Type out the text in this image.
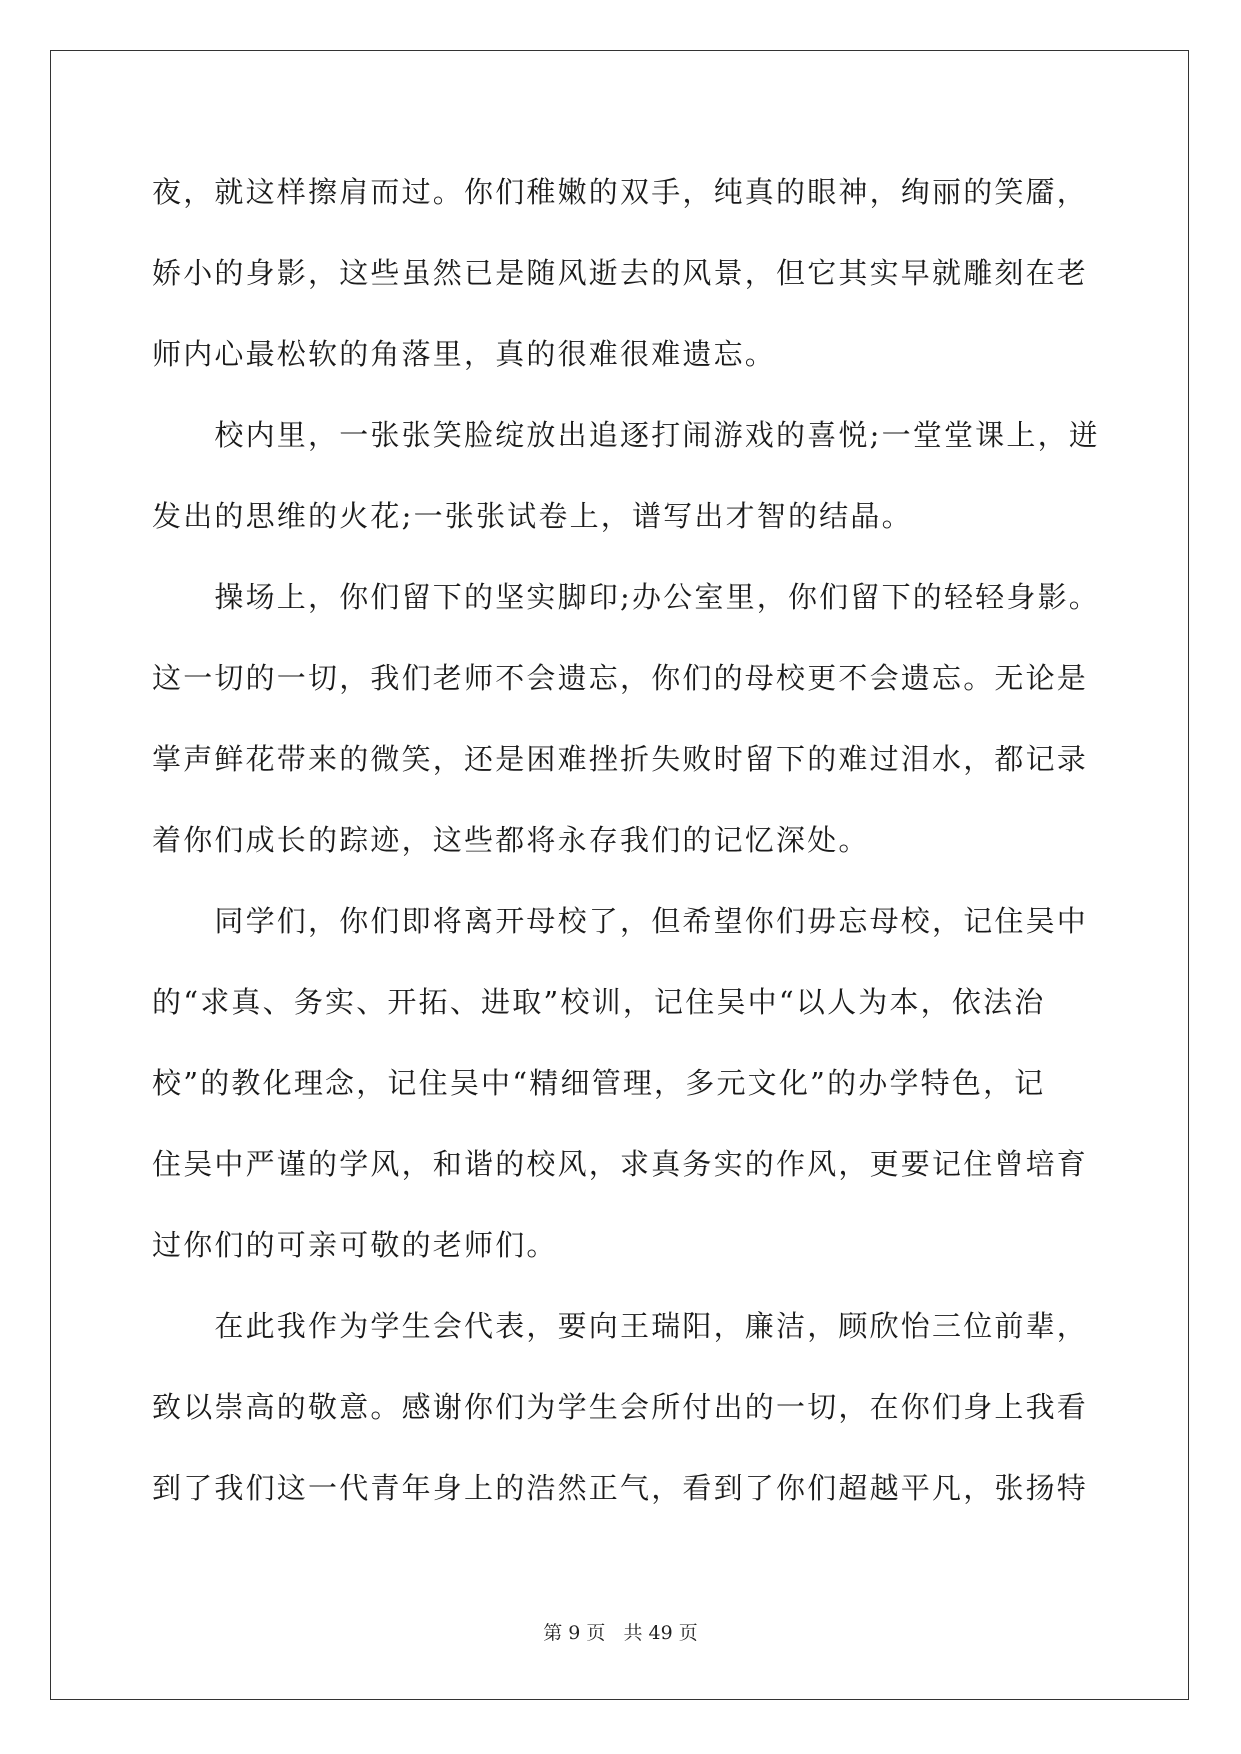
夜，就这样擦肩而过。你们稚嫩的双手，纯真的眼神，绚丽的笑靥，
娇小的身影，这些虽然已是随风逝去的风景，但它其实早就雕刻在老
师内心最松软的角落里，真的很难很难遗忘。
　　校内里，一张张笑脸绽放出追逐打闹游戏的喜悦;一堂堂课上，迸
发出的思维的火花;一张张试卷上，谱写出才智的结晶。
　　操场上，你们留下的坚实脚印;办公室里，你们留下的轻轻身影。
这一切的一切，我们老师不会遗忘，你们的母校更不会遗忘。无论是
掌声鲜花带来的微笑，还是困难挫折失败时留下的难过泪水，都记录
着你们成长的踪迹，这些都将永存我们的记忆深处。
　　同学们，你们即将离开母校了，但希望你们毋忘母校，记住吴中
的“求真、务实、开拓、进取”校训，记住吴中“以人为本，依法治
校”的教化理念，记住吴中“精细管理，多元文化”的办学特色，记
住吴中严谨的学风，和谐的校风，求真务实的作风，更要记住曾培育
过你们的可亲可敬的老师们。
　　在此我作为学生会代表，要向王瑞阳，廉洁，顾欣怡三位前辈，
致以崇高的敬意。感谢你们为学生会所付出的一切，在你们身上我看
到了我们这一代青年身上的浩然正气，看到了你们超越平凡，张扬特
第 9 页   共 49 页
